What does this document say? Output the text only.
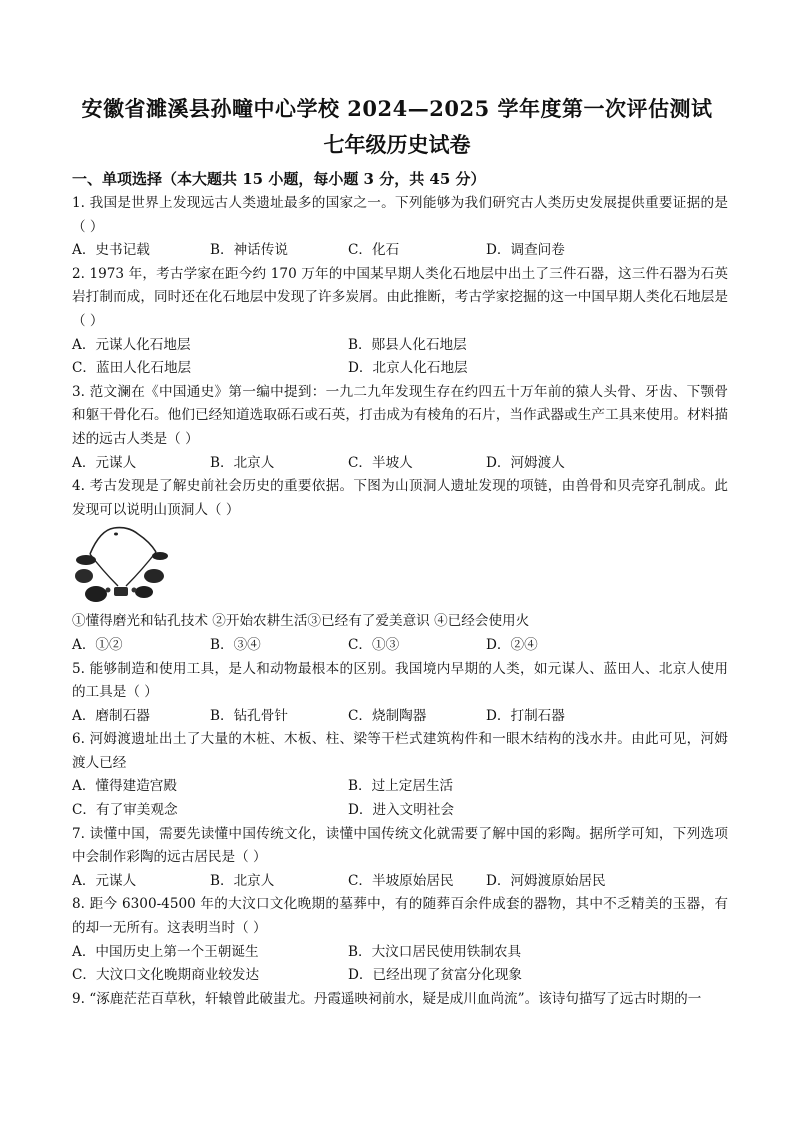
安徽省濉溪县孙疃中心学校 2024—2025 学年度第一次评估测试
七年级历史试卷
一、单项选择（本大题共 15 小题，每小题 3 分，共 45 分）

1. 我国是世界上发现远古人类遗址最多的国家之一。下列能够为我们研究古人类历史发展提供重要证据的是（ ）

A．史书记载	B．神话传说	C．化石	D．调查问卷

2. 1973 年，考古学家在距今约 170 万年的中国某早期人类化石地层中出土了三件石器，这三件石器为石英岩打制而成，同时还在化石地层中发现了许多炭屑。由此推断，考古学家挖掘的这一中国早期人类化石地层是（ ）

A．元谋人化石地层	B．郧县人化石地层
C．蓝田人化石地层	D．北京人化石地层

3. 范文澜在《中国通史》第一编中提到：一九二九年发现生存在约四五十万年前的猿人头骨、牙齿、下颚骨和躯干骨化石。他们已经知道选取砾石或石英，打击成为有棱角的石片，当作武器或生产工具来使用。材料描述的远古人类是（ ）

A．元谋人	B．北京人	C．半坡人	D．河姆渡人

4. 考古发现是了解史前社会历史的重要依据。下图为山顶洞人遗址发现的项链，由兽骨和贝壳穿孔制成。此发现可以说明山顶洞人（ ）

①懂得磨光和钻孔技术 ②开始农耕生活③已经有了爱美意识 ④已经会使用火

A．①②	B．③④	C．①③	D．②④

5. 能够制造和使用工具，是人和动物最根本的区别。我国境内早期的人类，如元谋人、蓝田人、北京人使用的工具是（ ）

A．磨制石器	B．钻孔骨针	C．烧制陶器	D．打制石器

6. 河姆渡遗址出土了大量的木桩、木板、柱、梁等干栏式建筑构件和一眼木结构的浅水井。由此可见，河姆渡人已经

A．懂得建造宫殿	B．过上定居生活
C．有了审美观念	D．进入文明社会

7. 读懂中国，需要先读懂中国传统文化，读懂中国传统文化就需要了解中国的彩陶。据所学可知，下列选项中会制作彩陶的远古居民是（ ）

A．元谋人	B．北京人	C．半坡原始居民	D．河姆渡原始居民

8. 距今 6300-4500 年的大汶口文化晚期的墓葬中，有的随葬百余件成套的器物，其中不乏精美的玉器，有的却一无所有。这表明当时（ ）

A．中国历史上第一个王朝诞生	B．大汶口居民使用铁制农具
C．大汶口文化晚期商业较发达	D．已经出现了贫富分化现象

9. “涿鹿茫茫百草秋，轩辕曾此破蚩尤。丹霞遥映祠前水，疑是成川血尚流”。该诗句描写了远古时期的一
